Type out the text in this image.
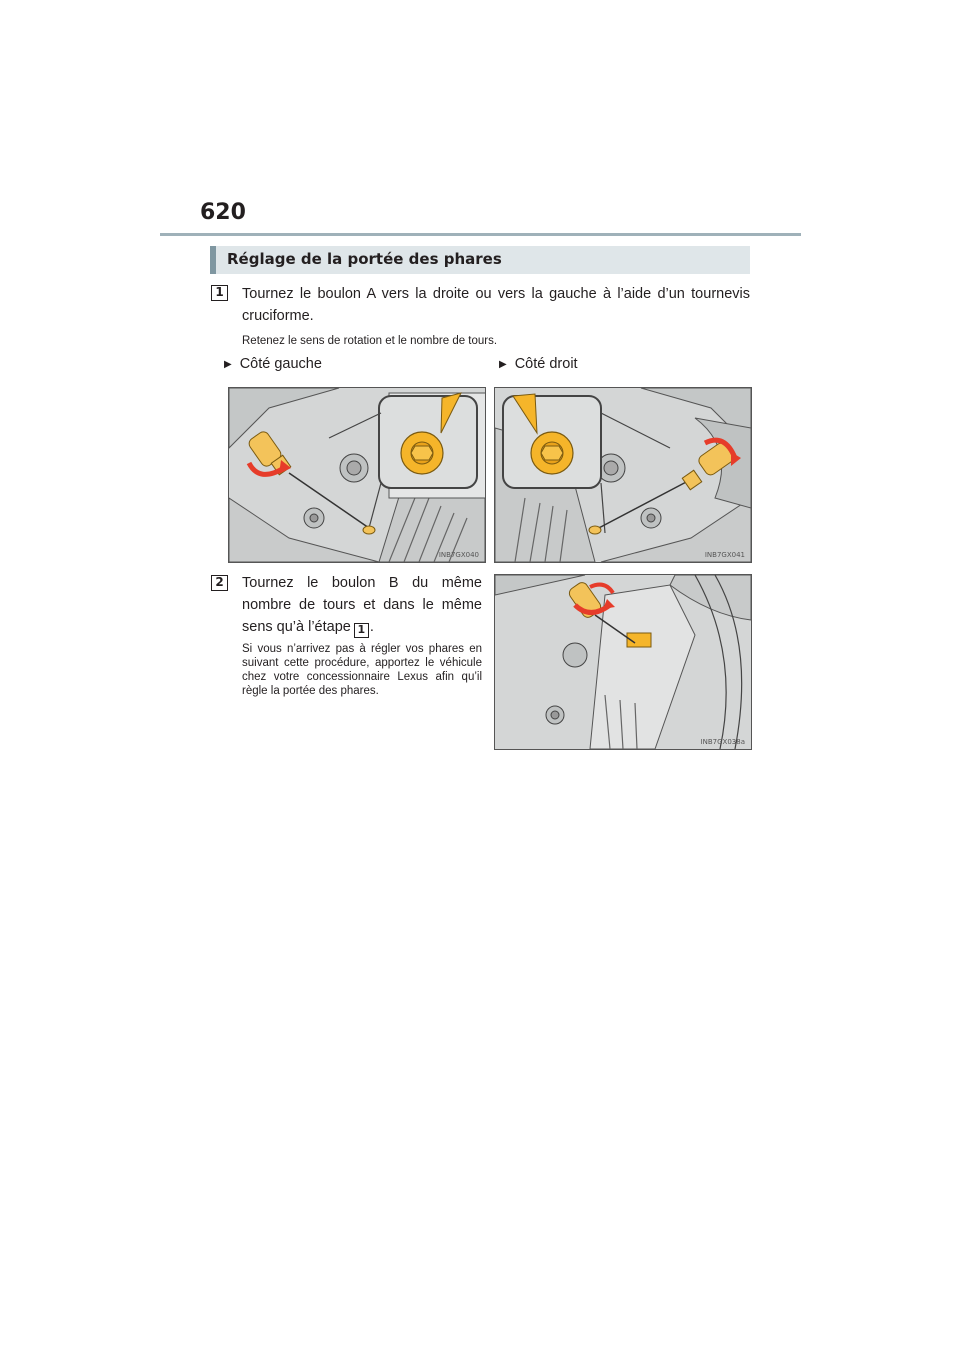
620
Réglage de la portée des phares
1 Tournez le boulon A vers la droite ou vers la gauche à l’aide d’un tournevis cruciforme.
Retenez le sens de rotation et le nombre de tours.
▶ Côté gauche	▶ Côté droit
INB7GX040	INB7GX041
2 Tournez le boulon B du même nombre de tours et dans le même sens qu’à l’étape 1 .
Si vous n’arrivez pas à régler vos phares en suivant cette procédure, apportez le véhicule chez votre concessionnaire Lexus afin qu’il règle la portée des phares.
INB7GX038a
